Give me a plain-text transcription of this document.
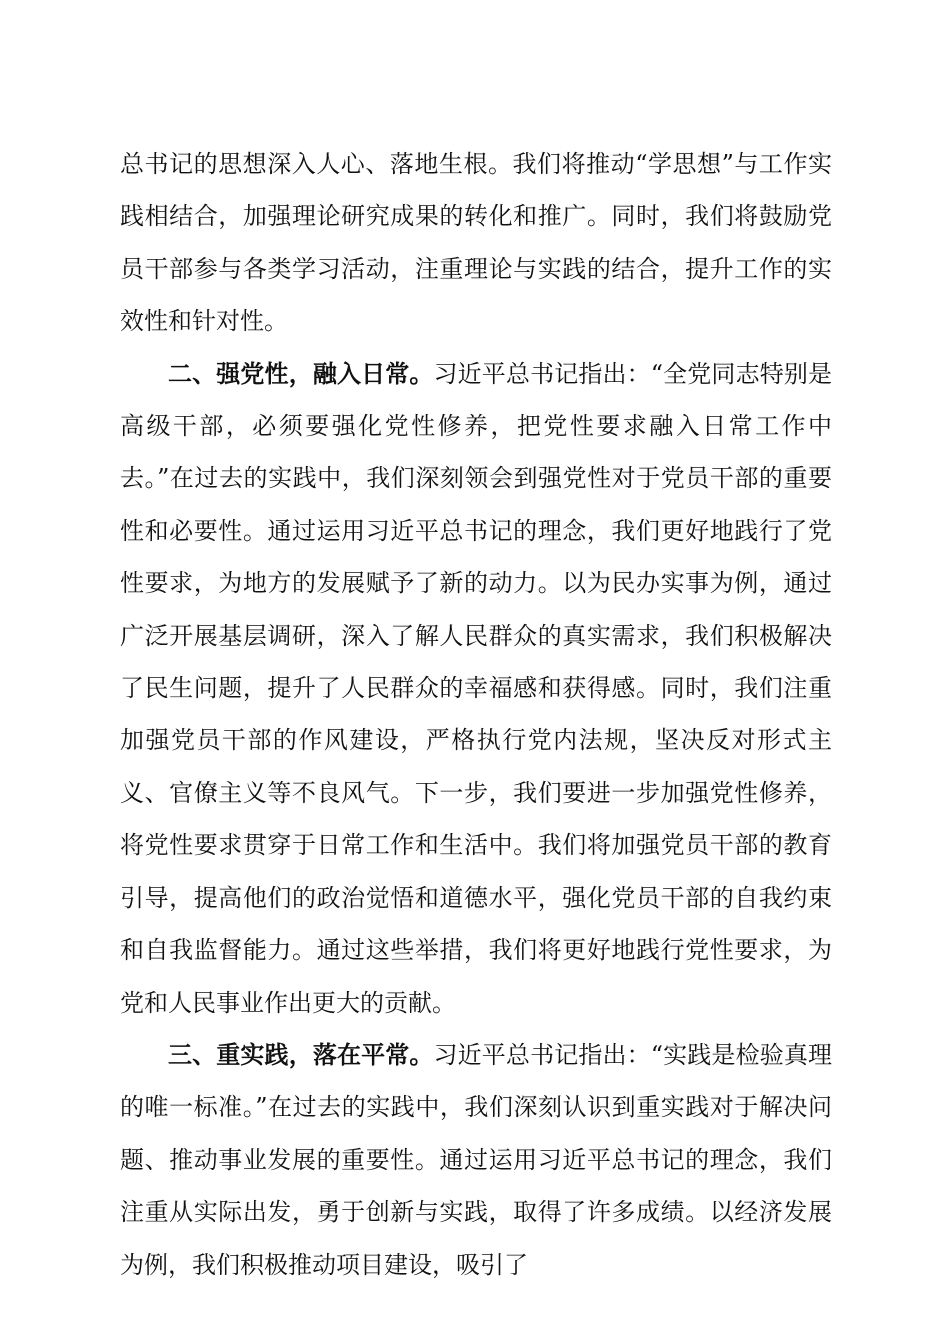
总书记的思想深入人心、落地生根。我们将推动“学思想”与工作实践相结合，加强理论研究成果的转化和推广。同时，我们将鼓励党员干部参与各类学习活动，注重理论与实践的结合，提升工作的实效性和针对性。

二、强党性，融入日常。习近平总书记指出：“全党同志特别是高级干部，必须要强化党性修养，把党性要求融入日常工作中去。”在过去的实践中，我们深刻领会到强党性对于党员干部的重要性和必要性。通过运用习近平总书记的理念，我们更好地践行了党性要求，为地方的发展赋予了新的动力。以为民办实事为例，通过广泛开展基层调研，深入了解人民群众的真实需求，我们积极解决了民生问题，提升了人民群众的幸福感和获得感。同时，我们注重加强党员干部的作风建设，严格执行党内法规，坚决反对形式主义、官僚主义等不良风气。下一步，我们要进一步加强党性修养，将党性要求贯穿于日常工作和生活中。我们将加强党员干部的教育引导，提高他们的政治觉悟和道德水平，强化党员干部的自我约束和自我监督能力。通过这些举措，我们将更好地践行党性要求，为党和人民事业作出更大的贡献。

三、重实践，落在平常。习近平总书记指出：“实践是检验真理的唯一标准。”在过去的实践中，我们深刻认识到重实践对于解决问题、推动事业发展的重要性。通过运用习近平总书记的理念，我们注重从实际出发，勇于创新与实践，取得了许多成绩。以经济发展为例，我们积极推动项目建设，吸引了
